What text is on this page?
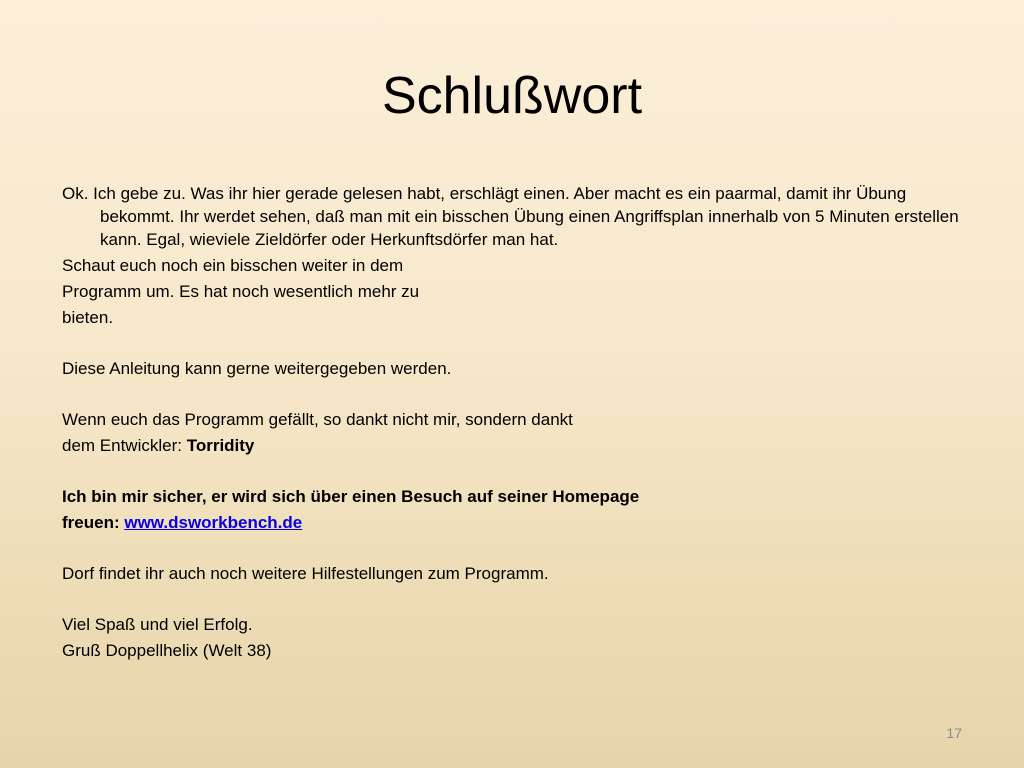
Schlußwort

Ok. Ich gebe zu. Was ihr hier gerade gelesen habt, erschlägt einen. Aber macht es ein paarmal, damit ihr Übung bekommt. Ihr werdet sehen, daß man mit ein bisschen Übung einen Angriffsplan innerhalb von 5 Minuten erstellen kann. Egal, wieviele Zieldörfer oder Herkunftsdörfer man hat.

Schaut euch noch ein bisschen weiter in dem

Programm um. Es hat noch wesentlich mehr zu

bieten.

Diese Anleitung kann gerne weitergegeben werden.

Wenn euch das Programm gefällt, so dankt nicht mir, sondern dankt

dem Entwickler: Torridity

Ich bin mir sicher, er wird sich über einen Besuch auf seiner Homepage

freuen: www.dsworkbench.de

Dorf findet ihr auch noch weitere Hilfestellungen zum Programm.

Viel Spaß und viel Erfolg.

Gruß Doppellhelix (Welt 38)

17
